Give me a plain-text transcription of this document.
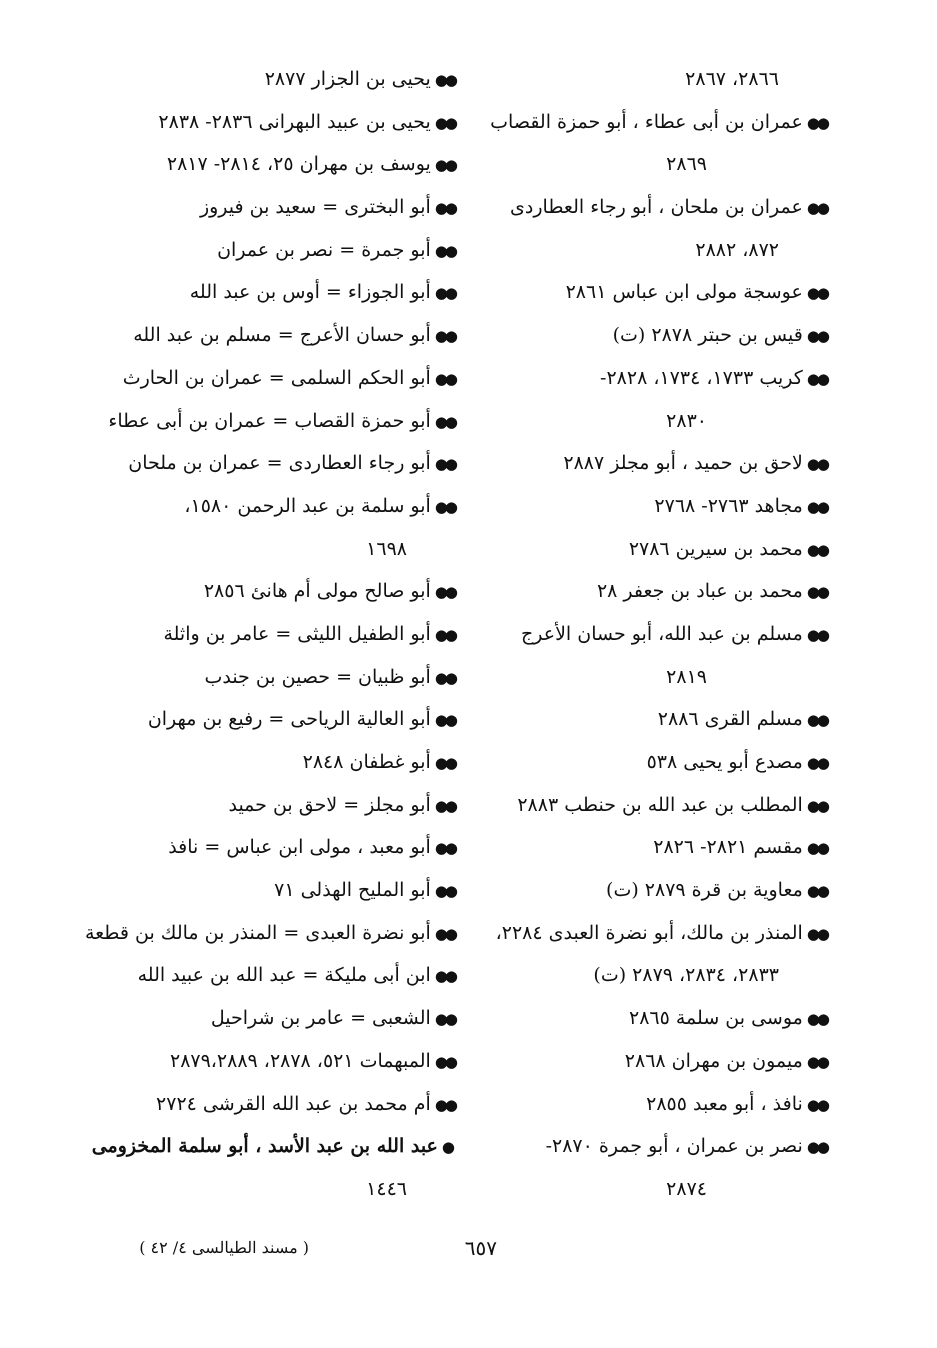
٢٨٦٦، ٢٨٦٧
●●عمران بن أبى عطاء ، أبو حمزة القصاب
٢٨٦٩
●●عمران بن ملحان ، أبو رجاء العطاردى
٨٧٢، ٢٨٨٢
●●عوسجة مولى ابن عباس ٢٨٦١
●●قيس بن حبتر ٢٨٧٨ (ت)
●●كريب ١٧٣٣، ١٧٣٤، ٢٨٢٨-
٢٨٣٠
●●لاحق بن حميد ، أبو مجلز ٢٨٨٧
●●مجاهد ٢٧٦٣- ٢٧٦٨
●●محمد بن سيرين ٢٧٨٦
●●محمد بن عباد بن جعفر ٢٨
●●مسلم بن عبد الله، أبو حسان الأعرج
٢٨١٩
●●مسلم القرى ٢٨٨٦
●●مصدع أبو يحيى ٥٣٨
●●المطلب بن عبد الله بن حنطب ٢٨٨٣
●●مقسم ٢٨٢١- ٢٨٢٦
●●معاوية بن قرة ٢٨٧٩ (ت)
●●المنذر بن مالك، أبو نضرة العبدى ٢٢٨٤،
٢٨٣٣، ٢٨٣٤، ٢٨٧٩ (ت)
●●موسى بن سلمة ٢٨٦٥
●●ميمون بن مهران ٢٨٦٨
●●نافذ ، أبو معبد ٢٨٥٥
●●نصر بن عمران ، أبو جمرة ٢٨٧٠-
٢٨٧٤
●●يحيى بن الجزار ٢٨٧٧
●●يحيى بن عبيد البهرانى ٢٨٣٦- ٢٨٣٨
●●يوسف بن مهران ٢٥، ٢٨١٤- ٢٨١٧
●●أبو البخترى = سعيد بن فيروز
●●أبو جمرة = نصر بن عمران
●●أبو الجوزاء = أوس بن عبد الله
●●أبو حسان الأعرج = مسلم بن عبد الله
●●أبو الحكم السلمى = عمران بن الحارث
●●أبو حمزة القصاب = عمران بن أبى عطاء
●●أبو رجاء العطاردى = عمران بن ملحان
●●أبو سلمة بن عبد الرحمن ١٥٨٠،
١٦٩٨
●●أبو صالح مولى أم هانئ ٢٨٥٦
●●أبو الطفيل الليثى = عامر بن واثلة
●●أبو ظبيان = حصين بن جندب
●●أبو العالية الرياحى = رفيع بن مهران
●●أبو غطفان ٢٨٤٨
●●أبو مجلز = لاحق بن حميد
●●أبو معبد ، مولى ابن عباس = نافذ
●●أبو المليح الهذلى ٧١
●●أبو نضرة العبدى = المنذر بن مالك بن قطعة
●●ابن أبى مليكة = عبد الله بن عبيد الله
●●الشعبى = عامر بن شراحيل
●●المبهمات ٥٢١، ٢٨٧٨، ٢٨٧٩،٢٨٨٩
●●أم محمد بن عبد الله القرشى ٢٧٢٤
●عبد الله بن عبد الأسد ، أبو سلمة المخزومى
١٤٤٦
٦٥٧
( مسند الطيالسى ٤/ ٤٢ )
